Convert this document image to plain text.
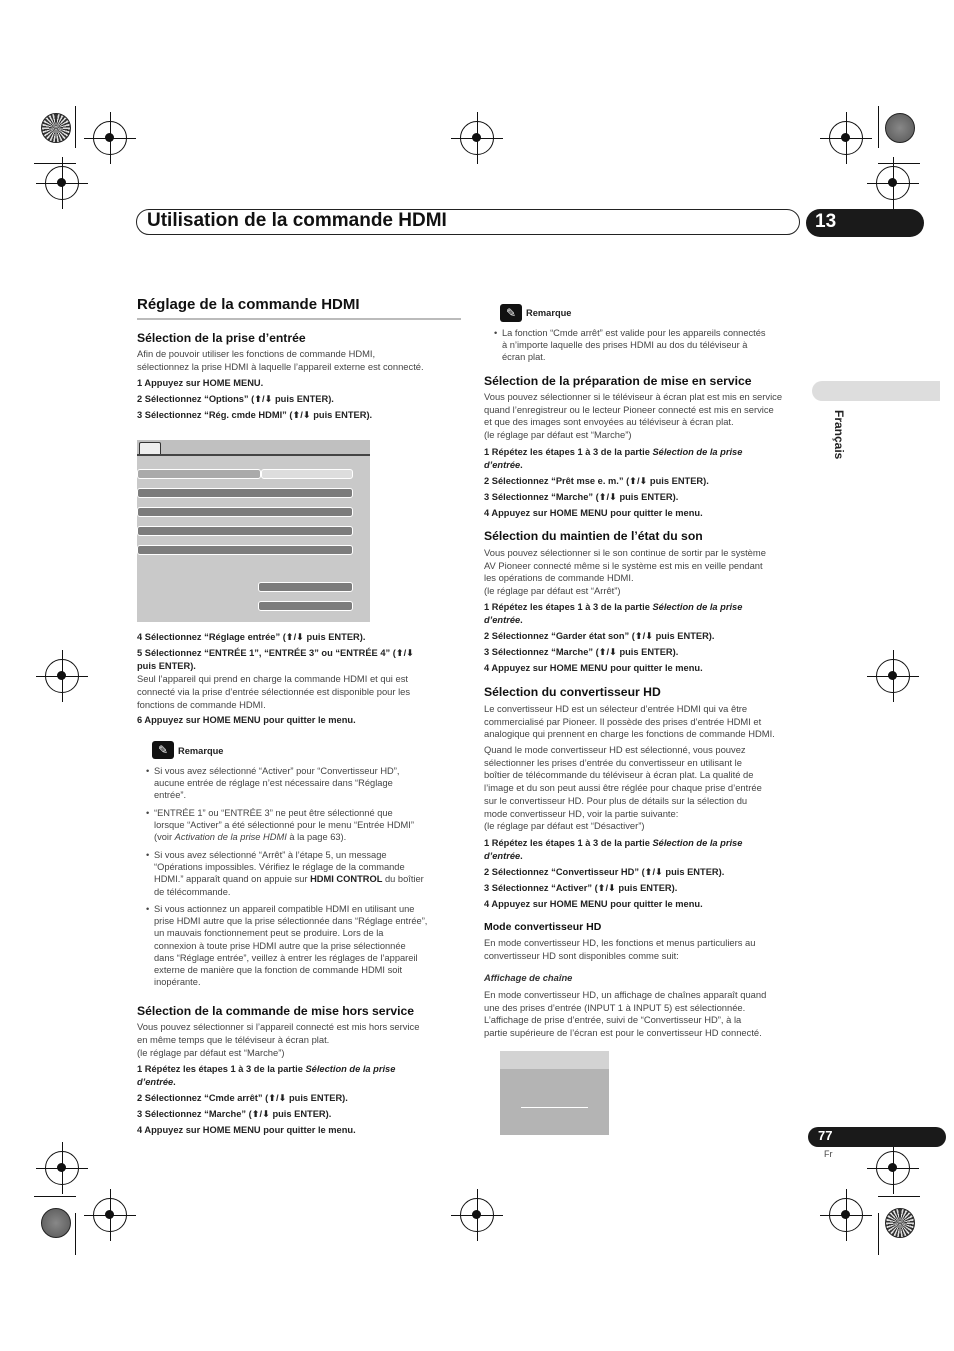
Utilisation de la commande HDMI	13
Français
Réglage de la commande HDMI
Sélection de la prise d’entrée
Afin de pouvoir utiliser les fonctions de commande HDMI,
sélectionnez la prise HDMI à laquelle l’appareil externe est connecté.
1 Appuyez sur HOME MENU.
2 Sélectionnez “Options” (⬆/⬇ puis ENTER).
3 Sélectionnez “Rég. cmde HDMI” (⬆/⬇ puis ENTER).
4 Sélectionnez “Réglage entrée” (⬆/⬇ puis ENTER).
5 Sélectionnez “ENTRÉE 1”, “ENTRÉE 3” ou “ENTRÉE 4” (⬆/⬇
puis ENTER).
Seul l’appareil qui prend en charge la commande HDMI et qui est
connecté via la prise d’entrée sélectionnée est disponible pour les
fonctions de commande HDMI.
6 Appuyez sur HOME MENU pour quitter le menu.
✎	Remarque
• Si vous avez sélectionné “Activer” pour “Convertisseur HD”,
aucune entrée de réglage n’est nécessaire dans “Réglage
entrée”.
• “ENTRÉE 1” ou “ENTRÉE 3” ne peut être sélectionné que
lorsque “Activer” a été sélectionné pour le menu “Entrée HDMI”
(voir Activation de la prise HDMI à la page 63).
• Si vous avez sélectionné “Arrêt” à l’étape 5, un message
“Opérations impossibles. Vérifiez le réglage de la commande
HDMI.” apparaît quand on appuie sur HDMI CONTROL du boîtier
de télécommande.
• Si vous actionnez un appareil compatible HDMI en utilisant une
prise HDMI autre que la prise sélectionnée dans “Réglage entrée”,
un mauvais fonctionnement peut se produire. Lors de la
connexion à toute prise HDMI autre que la prise sélectionnée
dans “Réglage entrée”, veillez à entrer les réglages de l’appareil
externe de manière que la fonction de commande HDMI soit
inopérante.
Sélection de la commande de mise hors service
Vous pouvez sélectionner si l’appareil connecté est mis hors service
en même temps que le téléviseur à écran plat.
(le réglage par défaut est “Marche”)
1 Répétez les étapes 1 à 3 de la partie Sélection de la prise
d’entrée.
2 Sélectionnez “Cmde arrêt” (⬆/⬇ puis ENTER).
3 Sélectionnez “Marche” (⬆/⬇ puis ENTER).
4 Appuyez sur HOME MENU pour quitter le menu.
✎	Remarque
• La fonction “Cmde arrêt” est valide pour les appareils connectés
à n’importe laquelle des prises HDMI au dos du téléviseur à
écran plat.
Sélection de la préparation de mise en service
Vous pouvez sélectionner si le téléviseur à écran plat est mis en service
quand l’enregistreur ou le lecteur Pioneer connecté est mis en service
et que des images sont envoyées au téléviseur à écran plat.
(le réglage par défaut est “Marche”)
1 Répétez les étapes 1 à 3 de la partie Sélection de la prise
d’entrée.
2 Sélectionnez “Prêt mse e. m.” (⬆/⬇ puis ENTER).
3 Sélectionnez “Marche” (⬆/⬇ puis ENTER).
4 Appuyez sur HOME MENU pour quitter le menu.
Sélection du maintien de l’état du son
Vous pouvez sélectionner si le son continue de sortir par le système
AV Pioneer connecté même si le système est mis en veille pendant
les opérations de commande HDMI.
(le réglage par défaut est “Arrêt”)
1 Répétez les étapes 1 à 3 de la partie Sélection de la prise
d’entrée.
2 Sélectionnez “Garder état son” (⬆/⬇ puis ENTER).
3 Sélectionnez “Marche” (⬆/⬇ puis ENTER).
4 Appuyez sur HOME MENU pour quitter le menu.
Sélection du convertisseur HD
Le convertisseur HD est un sélecteur d’entrée HDMI qui va être
commercialisé par Pioneer. Il possède des prises d’entrée HDMI et
analogique qui prennent en charge les fonctions de commande HDMI.
Quand le mode convertisseur HD est sélectionné, vous pouvez
sélectionner les prises d’entrée du convertisseur en utilisant le
boîtier de télécommande du téléviseur à écran plat. La qualité de
l’image et du son peut aussi être réglée pour chaque prise d’entrée
sur le convertisseur HD. Pour plus de détails sur la sélection du
mode convertisseur HD, voir la partie suivante:
(le réglage par défaut est “Désactiver”)
1 Répétez les étapes 1 à 3 de la partie Sélection de la prise
d’entrée.
2 Sélectionnez “Convertisseur HD” (⬆/⬇ puis ENTER).
3 Sélectionnez “Activer” (⬆/⬇ puis ENTER).
4 Appuyez sur HOME MENU pour quitter le menu.
Mode convertisseur HD
En mode convertisseur HD, les fonctions et menus particuliers au
convertisseur HD sont disponibles comme suit:
Affichage de chaîne
En mode convertisseur HD, un affichage de chaînes apparaît quand
une des prises d’entrée (INPUT 1 à INPUT 5) est sélectionnée.
L’affichage de prise d’entrée, suivi de “Convertisseur HD”, à la
partie supérieure de l’écran est pour le convertisseur HD connecté.
77
Fr
